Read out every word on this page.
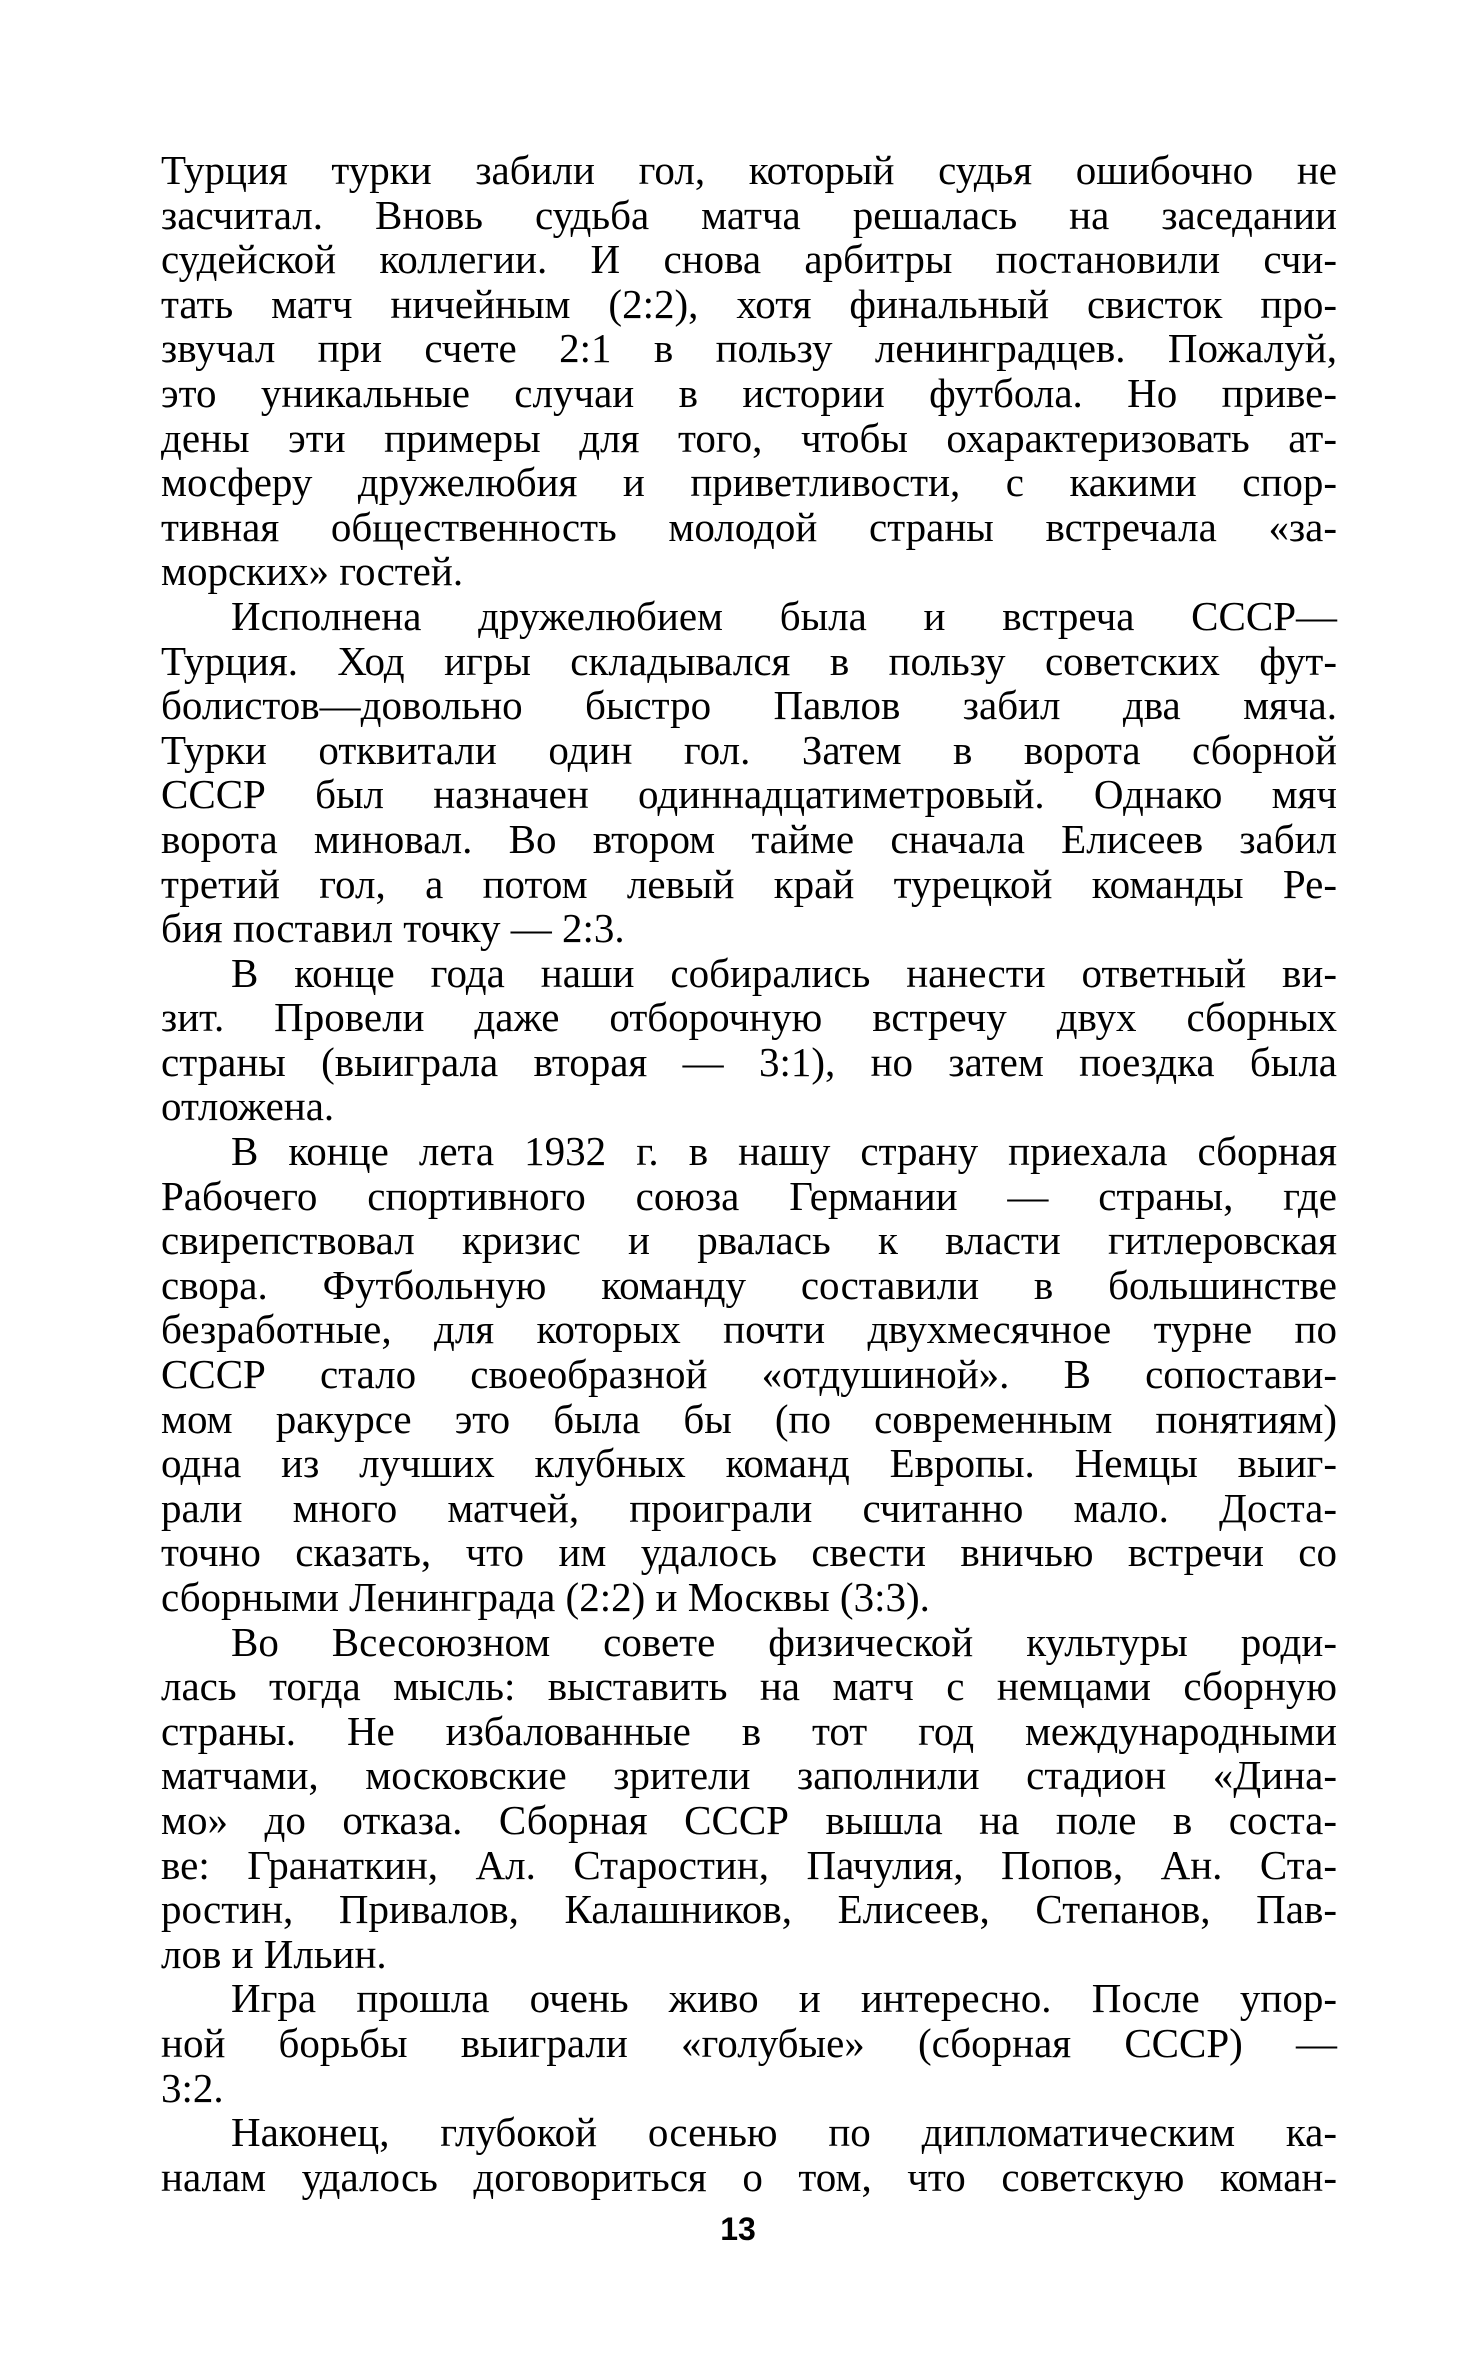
Турция турки забили гол, который судья ошибочно не
засчитал. Вновь судьба матча решалась на заседании
судейской коллегии. И снова арбитры постановили счи-
тать матч ничейным (2:2), хотя финальный свисток про-
звучал при счете 2:1 в пользу ленинградцев. Пожалуй,
это уникальные случаи в истории футбола. Но приве-
дены эти примеры для того, чтобы охарактеризовать ат-
мосферу дружелюбия и приветливости, с какими спор-
тивная общественность молодой страны встречала «за-
морских» гостей.
Исполнена дружелюбием была и встреча СССР—
Турция. Ход игры складывался в пользу советских фут-
болистов—довольно быстро Павлов забил два мяча.
Турки отквитали один гол. Затем в ворота сборной
СССР был назначен одиннадцатиметровый. Однако мяч
ворота миновал. Во втором тайме сначала Елисеев забил
третий гол, а потом левый край турецкой команды Ре-
бия поставил точку — 2:3.
В конце года наши собирались нанести ответный ви-
зит. Провели даже отборочную встречу двух сборных
страны (выиграла вторая — 3:1), но затем поездка была
отложена.
В конце лета 1932 г. в нашу страну приехала сборная
Рабочего спортивного союза Германии — страны, где
свирепствовал кризис и рвалась к власти гитлеровская
свора. Футбольную команду составили в большинстве
безработные, для которых почти двухмесячное турне по
СССР стало своеобразной «отдушиной». В сопостави-
мом ракурсе это была бы (по современным понятиям)
одна из лучших клубных команд Европы. Немцы выиг-
рали много матчей, проиграли считанно мало. Доста-
точно сказать, что им удалось свести вничью встречи со
сборными Ленинграда (2:2) и Москвы (3:3).
Во Всесоюзном совете физической культуры роди-
лась тогда мысль: выставить на матч с немцами сборную
страны. Не избалованные в тот год международными
матчами, московские зрители заполнили стадион «Дина-
мо» до отказа. Сборная СССР вышла на поле в соста-
ве: Гранаткин, Ал. Старостин, Пачулия, Попов, Ан. Ста-
ростин, Привалов, Калашников, Елисеев, Степанов, Пав-
лов и Ильин.
Игра прошла очень живо и интересно. После упор-
ной борьбы выиграли «голубые» (сборная СССР) —
3:2.
Наконец, глубокой осенью по дипломатическим ка-
налам удалось договориться о том, что советскую коман-
13
